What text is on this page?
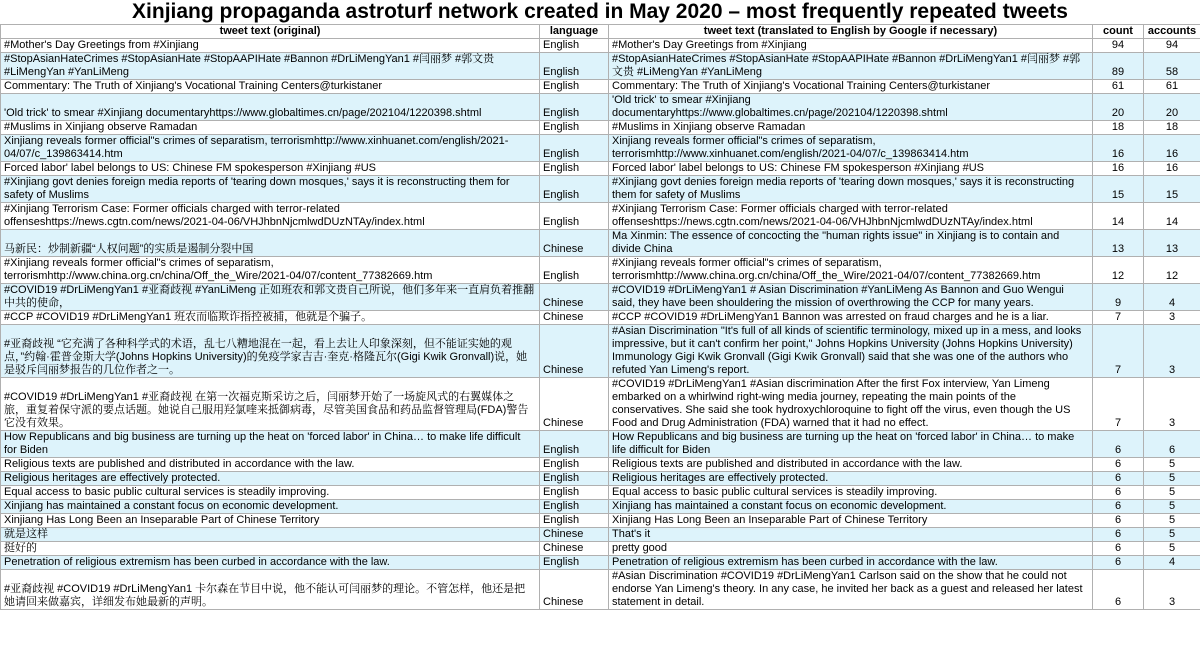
Xinjiang propaganda astroturf network created in May 2020 – most frequently repeated tweets
tweet text (original)	language	tweet text (translated to English by Google if necessary)	count	accounts
#Mother's Day Greetings from #Xinjiang	English	#Mother's Day Greetings from #Xinjiang	94	94
#StopAsianHateCrimes #StopAsianHate #StopAAPIHate #Bannon #DrLiMengYan1 #闫丽梦 #郭文贵 #LiMengYan #YanLiMeng	English	#StopAsianHateCrimes #StopAsianHate #StopAAPIHate #Bannon #DrLiMengYan1 #闫丽梦 #郭文贵 #LiMengYan #YanLiMeng	89	58
Commentary: The Truth of Xinjiang's Vocational Training Centers@turkistaner	English	Commentary: The Truth of Xinjiang's Vocational Training Centers@turkistaner	61	61
'Old trick' to smear #Xinjiang documentaryhttps://www.globaltimes.cn/page/202104/1220398.shtml	English	'Old trick' to smear #Xinjiang documentaryhttps://www.globaltimes.cn/page/202104/1220398.shtml	20	20
#Muslims in Xinjiang observe Ramadan	English	#Muslims in Xinjiang observe Ramadan	18	18
Xinjiang reveals former official"s crimes of separatism, terrorismhttp://www.xinhuanet.com/english/2021-04/07/c_139863414.htm	English	Xinjiang reveals former official"s crimes of separatism, terrorismhttp://www.xinhuanet.com/english/2021-04/07/c_139863414.htm	16	16
Forced labor' label belongs to US: Chinese FM spokesperson #Xinjiang #US	English	Forced labor' label belongs to US: Chinese FM spokesperson #Xinjiang #US	16	16
#Xinjiang govt denies foreign media reports of 'tearing down mosques,' says it is reconstructing them for safety of Muslims	English	#Xinjiang govt denies foreign media reports of 'tearing down mosques,' says it is reconstructing them for safety of Muslims	15	15
#Xinjiang Terrorism Case: Former officials charged with terror-related offenseshttps://news.cgtn.com/news/2021-04-06/VHJhbnNjcmlwdDUzNTAy/index.html	English	#Xinjiang Terrorism Case: Former officials charged with terror-related offenseshttps://news.cgtn.com/news/2021-04-06/VHJhbnNjcmlwdDUzNTAy/index.html	14	14
马新民：炒制新疆“人权问题”的实质是遏制分裂中国	Chinese	Ma Xinmin: The essence of concocting the "human rights issue" in Xinjiang is to contain and divide China	13	13
#Xinjiang reveals former official"s crimes of separatism, terrorismhttp://www.china.org.cn/china/Off_the_Wire/2021-04/07/content_77382669.htm	English	#Xinjiang reveals former official"s crimes of separatism, terrorismhttp://www.china.org.cn/china/Off_the_Wire/2021-04/07/content_77382669.htm	12	12
#COVID19 #DrLiMengYan1 #亚裔歧视 #YanLiMeng 正如班农和郭文贵自己所说，他们多年来一直肩负着推翻中共的使命，	Chinese	#COVID19 #DrLiMengYan1 # Asian Discrimination #YanLiMeng As Bannon and Guo Wengui said, they have been shouldering the mission of overthrowing the CCP for many years.	9	4
#CCP #COVID19 #DrLiMengYan1 班农而临欺诈指控被捕，他就是个骗子。	Chinese	#CCP #COVID19 #DrLiMengYan1 Bannon was arrested on fraud charges and he is a liar.	7	3
#亚裔歧视 “它充满了各种科学式的术语，乱七八糟地混在一起，看上去让人印象深刻，但不能证实她的观点，”约翰·霍普金斯大学(Johns Hopkins University)的免疫学家吉吉·奎克·格隆瓦尔(Gigi Kwik Gronvall)说，她是驳斥闫丽梦报告的几位作者之一。	Chinese	#Asian Discrimination "It's full of all kinds of scientific terminology, mixed up in a mess, and looks impressive, but it can't confirm her point," Johns Hopkins University (Johns Hopkins University) Immunology Gigi Kwik Gronvall (Gigi Kwik Gronvall) said that she was one of the authors who refuted Yan Limeng's report.	7	3
#COVID19 #DrLiMengYan1 #亚裔歧视 在第一次福克斯采访之后，闫丽梦开始了一场旋风式的右翼媒体之旅，重复着保守派的要点话题。她说自己服用羟氯喹来抵御病毒，尽管美国食品和药品监督管理局(FDA)警告它没有效果。	Chinese	#COVID19 #DrLiMengYan1 #Asian discrimination After the first Fox interview, Yan Limeng embarked on a whirlwind right-wing media journey, repeating the main points of the conservatives. She said she took hydroxychloroquine to fight off the virus, even though the US Food and Drug Administration (FDA) warned that it had no effect.	7	3
How Republicans and big business are turning up the heat on 'forced labor' in China… to make life difficult for Biden	English	How Republicans and big business are turning up the heat on 'forced labor' in China… to make life difficult for Biden	6	6
Religious texts are published and distributed in accordance with the law.	English	Religious texts are published and distributed in accordance with the law.	6	5
Religious heritages are effectively protected.	English	Religious heritages are effectively protected.	6	5
Equal access to basic public cultural services is steadily improving.	English	Equal access to basic public cultural services is steadily improving.	6	5
Xinjiang has maintained a constant focus on economic development.	English	Xinjiang has maintained a constant focus on economic development.	6	5
Xinjiang Has Long Been an Inseparable Part of Chinese Territory	English	Xinjiang Has Long Been an Inseparable Part of Chinese Territory	6	5
就是这样	Chinese	That's it	6	5
挺好的	Chinese	pretty good	6	5
Penetration of religious extremism has been curbed in accordance with the law.	English	Penetration of religious extremism has been curbed in accordance with the law.	6	4
#亚裔歧视 #COVID19 #DrLiMengYan1 卡尔森在节目中说，他不能认可闫丽梦的理论。不管怎样，他还是把她请回来做嘉宾，详细发布她最新的声明。	Chinese	#Asian Discrimination #COVID19 #DrLiMengYan1 Carlson said on the show that he could not endorse Yan Limeng's theory. In any case, he invited her back as a guest and released her latest statement in detail.	6	3
